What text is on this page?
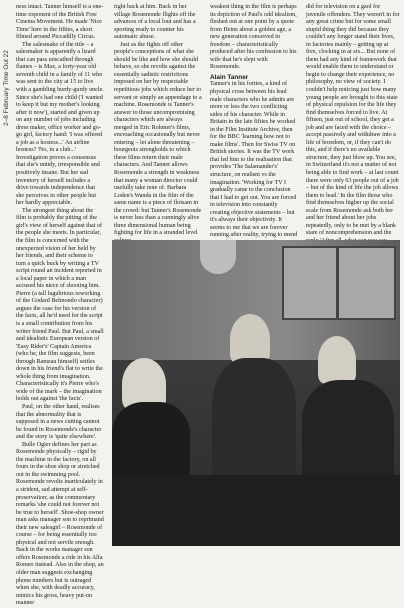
2–8 February Time Out 22

ness intact. Tanner himself is a one-time exponent of the British Free Cinema Movement. He made 'Nice Time' here in the fifties, a short filmed around Piccadilly Circus.

The salesmake of the title – a salesmaker is apparently a lizard that can pass unscathed through flames – is Max, a forty-year old seventh child in a family of 11 who was sent to the city at 15 to live with a gambling hurdy-gurdy uncle. Since she's had one child ('I wanted to keep it but my mother's looking after it now'), started and given up on any number of jobs including dress maker, office worker and go-go girl, factory hand: 'I was offered a job as a hostess...' An airline hostess? 'No, in a club...' Investigation proves a consensus that she's untidy, irresponsible and positively insane. But her sad inventory of herself includes a drive towards independence that she perceives in other people but her hardly appreciable.

The strongest thing about the film is probably the pitting of the girl's view of herself against that of the people she meets. In particular, the film is concerned with the unexpected vision of her held by her friends, and their scheme to turn a quick buck by writing a TV script round an incident reported in a local paper in which a man accused his niece of shooting him. Pierre (a tall lugubrious reworking of the Godard Belmondo character) argues the case for his version of the facts, all he'd need for the script is a small contribution from his writer friend Paul. But Paul, a small and idealistic European version of 'Easy Rider's' Captain America (who he, the film suggests, been through Rameau himself) settles down in his friend's flat to write the whole thing from imagination. Characteristically it's Pierre who's wide of the mark – the imagination holds out against 'the facts'.

Paul, on the other hand, realises that the abnormality that is supposed in a news cutting cannot be found in Rosemonde's character and the story is 'quite elsewhere'.

Bulle Ogier defines her part as Rosemonde physically – rigid by the machine in the factory, on all fours in the shoe shop or stretched out in the swimming pool. Rosemonde revolts inarticulately in a strident, sad attempt at self-preservation; as the commentary remarks 'she could not forever not be true to herself'. Shoe-shop owner man asks manager son to reprimand their new salesgirl – Rosemonde of course – for being essentially too physical and not servile enough. Back in the works manager son offers Rosemonde a ride in his Alfa Romeo instead. Also in the shop, an older man suggests exchanging phone numbers but is outraged when she, with deadly accuracy, mimics his gross, heavy put-on manner

right back at him. Back in her village Rosemonde flights off the advances of a local lout and has a sporting ready to counter his automatic abuse.

Just as the fights off other people's conceptions of what she should be like and how she should behave, so she revolts against the essentially sadistic restrictions imposed on her by respectable repetitious jobs which reduce her to servant or simply an appendage to a machine. Rosemonde is Tanner's answer to those uncompromising characters which are always merged in Eric Rohmer's films, encroaching occasionally but never entering – let alone threatening – bourgeois strongholds to which these films return their male characters. And Tanner allows Rosemonde a strength in weakness that many a woman director could usefully take note of. Barbara Loden's Wanda in the film of the same name is a piece of flotsam in the crowd: but Tanner's Rosemonde is never less than a cunningly alive three dimensional human being fighting for life in a stranded level

weakest thing in the film is perhaps its depiction of Paul's odd idealism, fleshed out at one point by a quote from Heine about a golden age, a new generation conceived in freedom – characteristically produced after his confession to his wife that he's slept with Rosemonde.

Alain Tanner

Tanner's in his forties, a kind of physical cross between his lead male characters who he admits are more or less the two conflicting sides of his character. While in Britain in the late fifties he worked in the Film Institute Archive, then for the BBC 'learning how not to make films'. Then for Swiss TV on British stories. It was the TV work that led him to the realisation that provides 'The Salamander's' structure, on realism vs the imagination. 'Working for TV I gradually came to the conclusion that I had to get out. You are forced in television into constantly creating objective statements – but it's always their objectivity. It seems to me that we are forever running after reality, trying to mend

did for television on a gaol for juvenile offenders. They weren't in for any great crime but for some small stupid thing they did because they couldn't any longer stand their lives, in factories mainly – getting up at five, clocking in at six... But none of them had any kind of framework that would enable them to understand or begin to change their experience, no philosophy, no view of society. I couldn't help noticing just how many young people are brought to this state of physical repulsion for the life they find themselves forced to live. At fifteen, just out of school, they get a job and are faced with the choice – accept passively and withdraw into a life of boredom, or, if they can't do this, and if there's no available structure, they just blow up. You see, in Switzerland it's not a matter of not being able to find work – at last count there were only 63 people out of a job – but of the kind of life the job allows them to lead.' In the film those who find themselves higher up the social scale from Rosemonde ask both her and her friend about her jobs repeatedly, only to be met by a blank stare of noncomprehension and the
